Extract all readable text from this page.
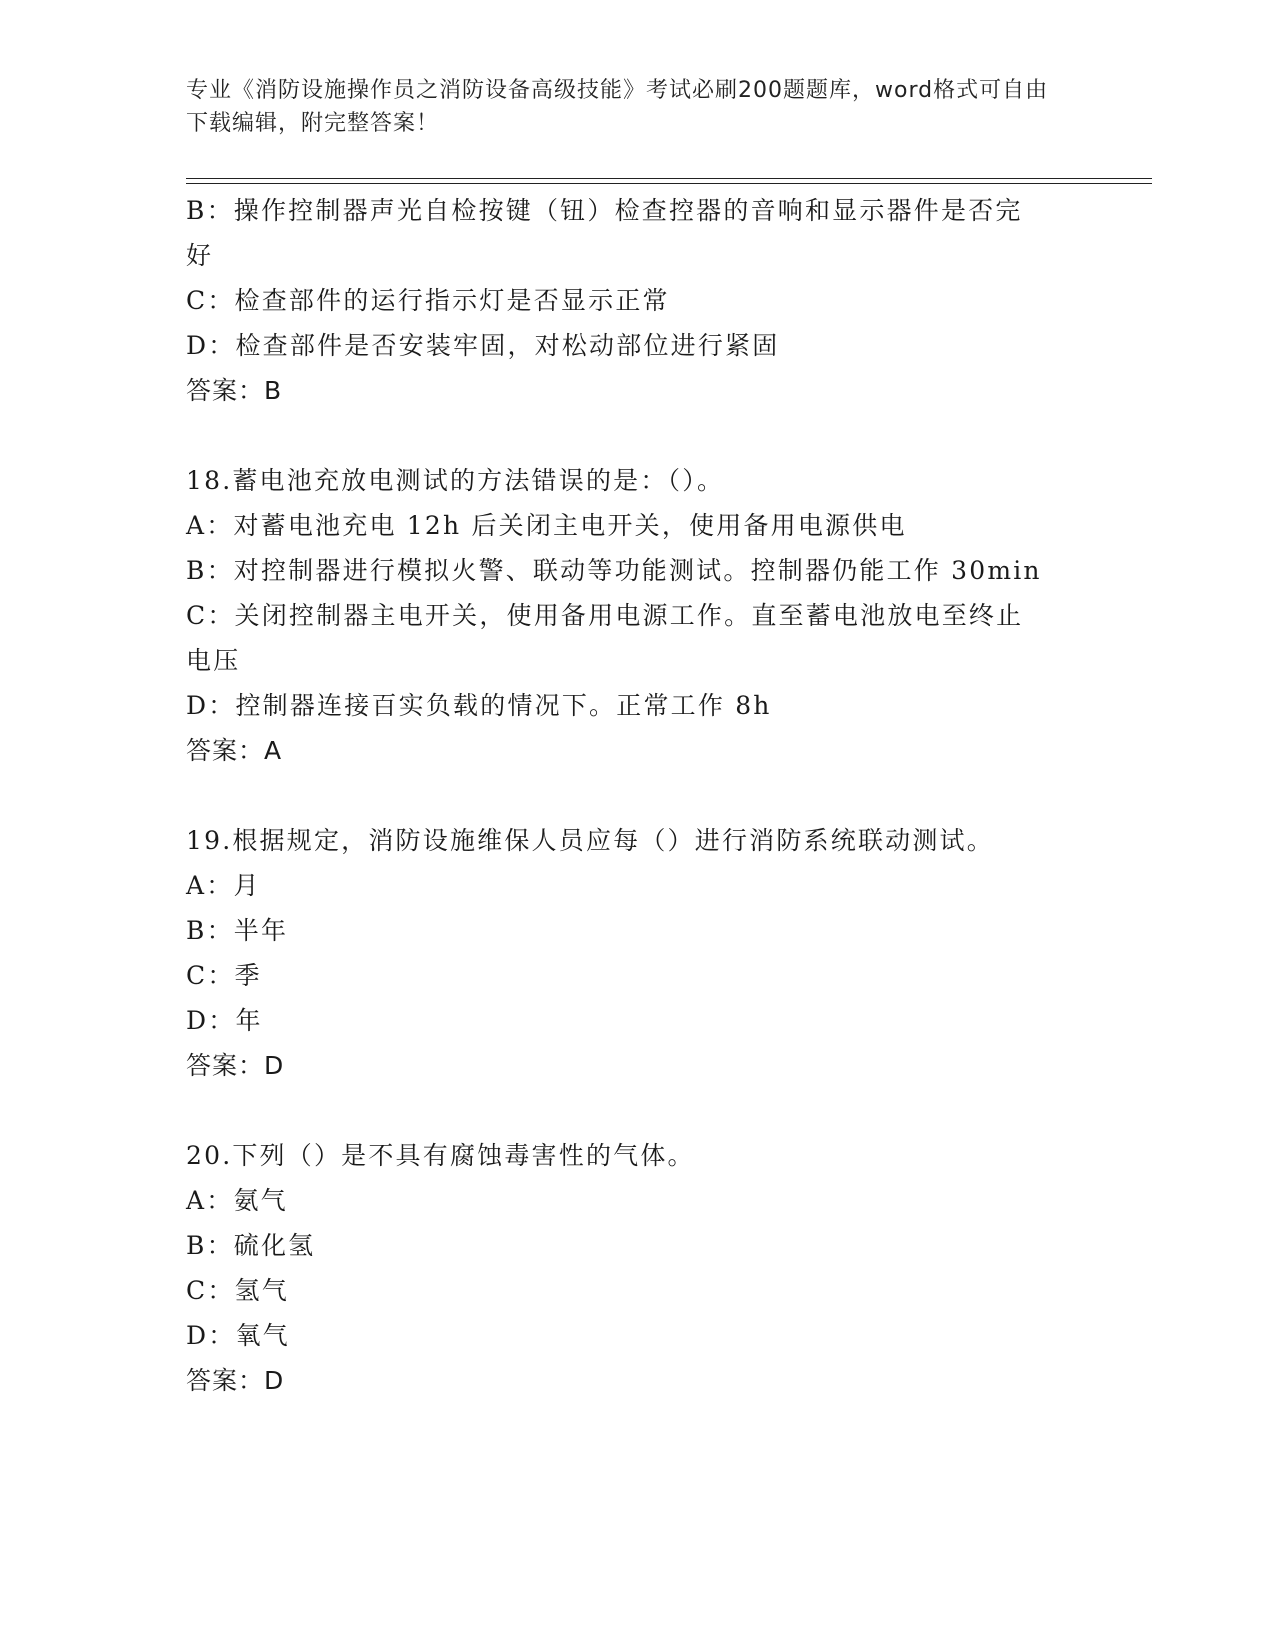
专业《消防设施操作员之消防设备高级技能》考试必刷200题题库，word格式可自由下载编辑，附完整答案！
B：操作控制器声光自检按键（钮）检查控器的音响和显示器件是否完
好
C：检查部件的运行指示灯是否显示正常
D：检查部件是否安装牢固，对松动部位进行紧固
答案：B
18.蓄电池充放电测试的方法错误的是：（）。
A：对蓄电池充电 12h 后关闭主电开关，使用备用电源供电
B：对控制器进行模拟火警、联动等功能测试。控制器仍能工作 30min
C：关闭控制器主电开关，使用备用电源工作。直至蓄电池放电至终止
电压
D：控制器连接百实负载的情况下。正常工作 8h
答案：A
19.根据规定，消防设施维保人员应每（）进行消防系统联动测试。
A：月
B：半年
C：季
D：年
答案：D
20.下列（）是不具有腐蚀毒害性的气体。
A：氨气
B：硫化氢
C：氢气
D：氧气
答案：D
